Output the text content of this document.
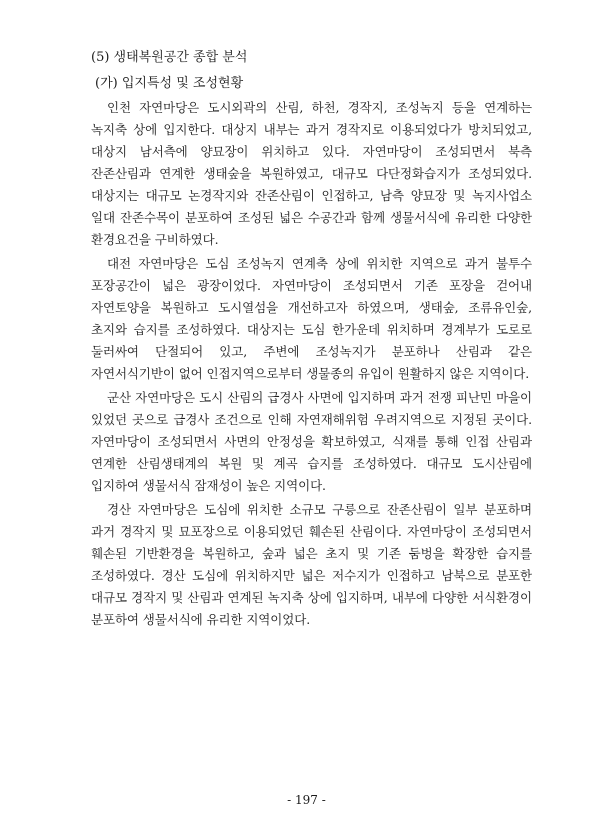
(5) 생태복원공간 종합 분석
(가) 입지특성 및 조성현황

인천 자연마당은 도시외곽의 산림, 하천, 경작지, 조성녹지 등을 연계하는 녹지축 상에 입지한다. 대상지 내부는 과거 경작지로 이용되었다가 방치되었고, 대상지 남서측에 양묘장이 위치하고 있다. 자연마당이 조성되면서 북측 잔존산림과 연계한 생태숲을 복원하였고, 대규모 다단정화습지가 조성되었다. 대상지는 대규모 논경작지와 잔존산림이 인접하고, 남측 양묘장 및 녹지사업소 일대 잔존수목이 분포하여 조성된 넓은 수공간과 함께 생물서식에 유리한 다양한 환경요건을 구비하였다.

대전 자연마당은 도심 조성녹지 연계축 상에 위치한 지역으로 과거 불투수 포장공간이 넓은 광장이었다. 자연마당이 조성되면서 기존 포장을 걷어내 자연토양을 복원하고 도시열섬을 개선하고자 하였으며, 생태숲, 조류유인숲, 초지와 습지를 조성하였다. 대상지는 도심 한가운데 위치하며 경계부가 도로로 둘러싸여 단절되어 있고, 주변에 조성녹지가 분포하나 산림과 같은 자연서식기반이 없어 인접지역으로부터 생물종의 유입이 원활하지 않은 지역이다.

군산 자연마당은 도시 산림의 급경사 사면에 입지하며 과거 전쟁 피난민 마을이 있었던 곳으로 급경사 조건으로 인해 자연재해위험 우려지역으로 지정된 곳이다. 자연마당이 조성되면서 사면의 안정성을 확보하였고, 식재를 통해 인접 산림과 연계한 산림생태계의 복원 및 계곡 습지를 조성하였다. 대규모 도시산림에 입지하여 생물서식 잠재성이 높은 지역이다.

경산 자연마당은 도심에 위치한 소규모 구릉으로 잔존산림이 일부 분포하며 과거 경작지 및 묘포장으로 이용되었던 훼손된 산림이다. 자연마당이 조성되면서 훼손된 기반환경을 복원하고, 숲과 넓은 초지 및 기존 둠벙을 확장한 습지를 조성하였다. 경산 도심에 위치하지만 넓은 저수지가 인접하고 남북으로 분포한 대규모 경작지 및 산림과 연계된 녹지축 상에 입지하며, 내부에 다양한 서식환경이 분포하여 생물서식에 유리한 지역이었다.

- 197 -
